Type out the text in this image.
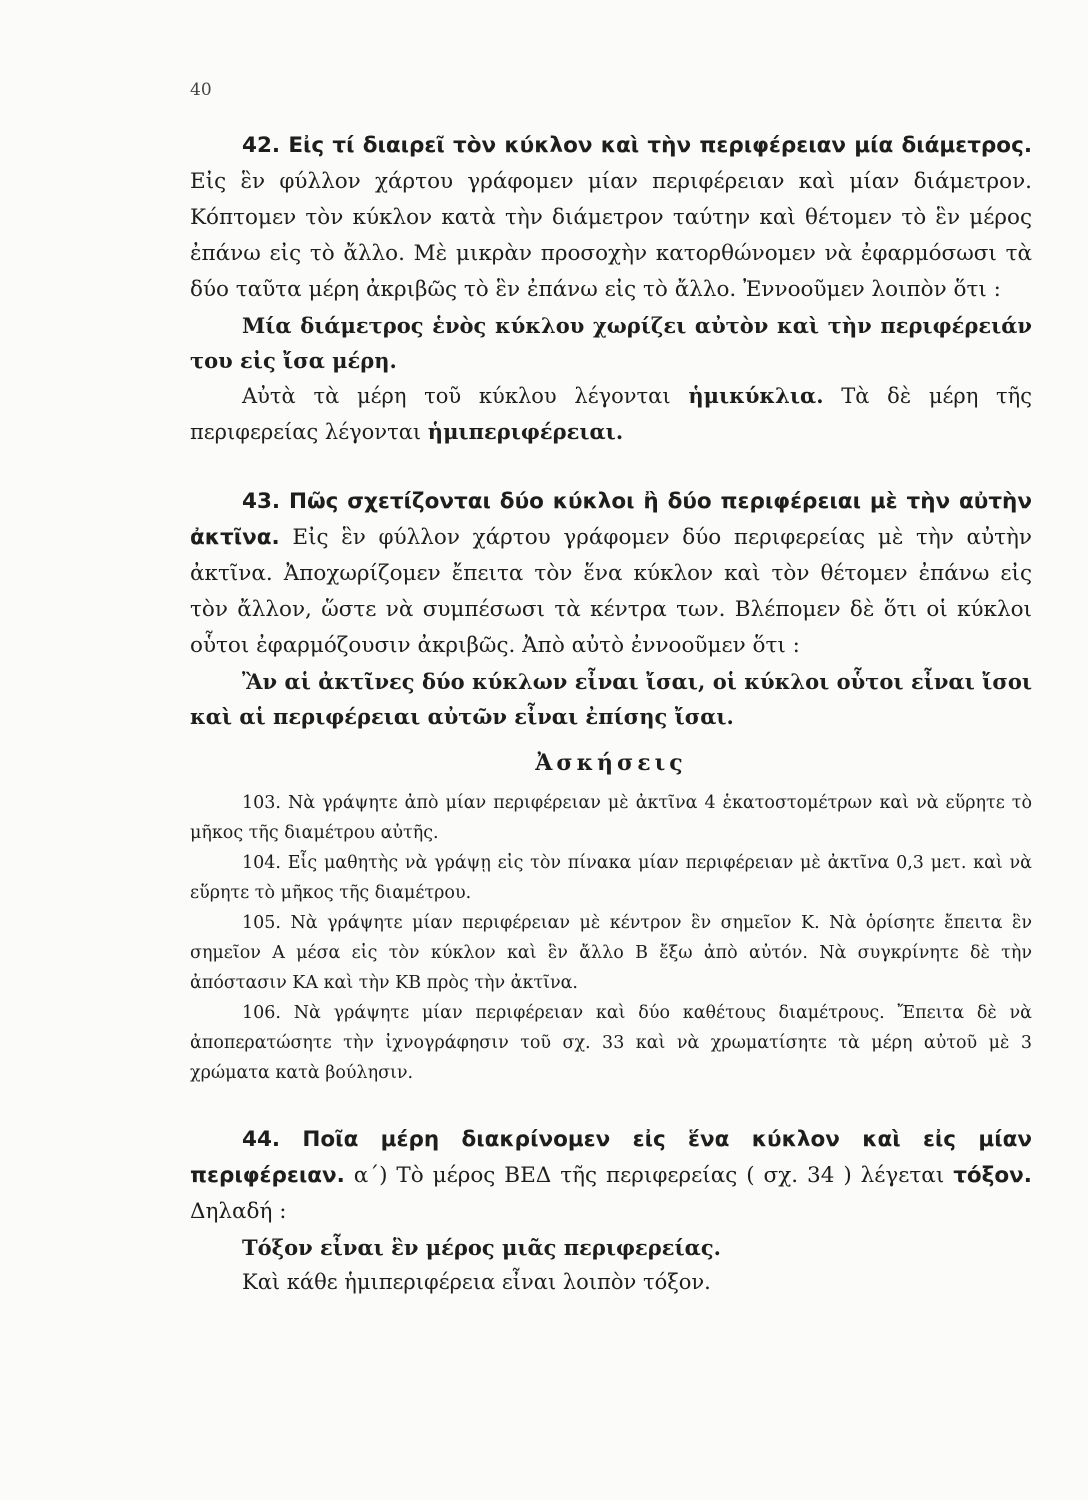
40

42. Εἰς τί διαιρεῖ τὸν κύκλον καὶ τὴν περιφέρειαν μία διάμετρος. Εἰς ἓν φύλλον χάρτου γράφομεν μίαν περιφέρειαν καὶ μίαν διάμετρον. Κόπτομεν τὸν κύκλον κατὰ τὴν διάμετρον ταύτην καὶ θέτομεν τὸ ἓν μέρος ἐπάνω εἰς τὸ ἄλλο. Μὲ μικρὰν προσοχὴν κατορθώνομεν νὰ ἐφαρμόσωσι τὰ δύο ταῦτα μέρη ἀκριβῶς τὸ ἓν ἐπάνω εἰς τὸ ἄλλο. Ἐννοοῦμεν λοιπὸν ὅτι :

Μία διάμετρος ἑνὸς κύκλου χωρίζει αὐτὸν καὶ τὴν περιφέρειάν του εἰς ἴσα μέρη.

Αὐτὰ τὰ μέρη τοῦ κύκλου λέγονται ἡμικύκλια. Τὰ δὲ μέρη τῆς περιφερείας λέγονται ἡμιπεριφέρειαι.

43. Πῶς σχετίζονται δύο κύκλοι ἢ δύο περιφέρειαι μὲ τὴν αὐτὴν ἀκτῖνα. Εἰς ἓν φύλλον χάρτου γράφομεν δύο περιφερείας μὲ τὴν αὐτὴν ἀκτῖνα. Ἀποχωρίζομεν ἔπειτα τὸν ἕνα κύκλον καὶ τὸν θέτομεν ἐπάνω εἰς τὸν ἄλλον, ὥστε νὰ συμπέσωσι τὰ κέντρα των. Βλέπομεν δὲ ὅτι οἱ κύκλοι οὗτοι ἐφαρμόζουσιν ἀκριβῶς. Ἀπὸ αὐτὸ ἐννοοῦμεν ὅτι :

Ἂν αἱ ἀκτῖνες δύο κύκλων εἶναι ἴσαι, οἱ κύκλοι οὗτοι εἶναι ἴσοι καὶ αἱ περιφέρειαι αὐτῶν εἶναι ἐπίσης ἴσαι.

Ἀσκήσεις

103. Νὰ γράψητε ἀπὸ μίαν περιφέρειαν μὲ ἀκτῖνα 4 ἑκατοστομέτρων καὶ νὰ εὕρητε τὸ μῆκος τῆς διαμέτρου αὐτῆς.

104. Εἷς μαθητὴς νὰ γράψῃ εἰς τὸν πίνακα μίαν περιφέρειαν μὲ ἀκτῖνα 0,3 μετ. καὶ νὰ εὕρητε τὸ μῆκος τῆς διαμέτρου.

105. Νὰ γράψητε μίαν περιφέρειαν μὲ κέντρον ἓν σημεῖον Κ. Νὰ ὁρίσητε ἔπειτα ἓν σημεῖον Α μέσα εἰς τὸν κύκλον καὶ ἓν ἄλλο Β ἔξω ἀπὸ αὐτόν. Νὰ συγκρίνητε δὲ τὴν ἀπόστασιν ΚΑ καὶ τὴν ΚΒ πρὸς τὴν ἀκτῖνα.

106. Νὰ γράψητε μίαν περιφέρειαν καὶ δύο καθέτους διαμέτρους. Ἔπειτα δὲ νὰ ἀποπερατώσητε τὴν ἰχνογράφησιν τοῦ σχ. 33 καὶ νὰ χρωματίσητε τὰ μέρη αὐτοῦ μὲ 3 χρώματα κατὰ βούλησιν.

44. Ποῖα μέρη διακρίνομεν εἰς ἕνα κύκλον καὶ εἰς μίαν περιφέρειαν. α΄) Τὸ μέρος ΒΕΔ τῆς περιφερείας ( σχ. 34 ) λέγεται τόξον. Δηλαδή :

Τόξον εἶναι ἓν μέρος μιᾶς περιφερείας.

Καὶ κάθε ἡμιπεριφέρεια εἶναι λοιπὸν τόξον.
